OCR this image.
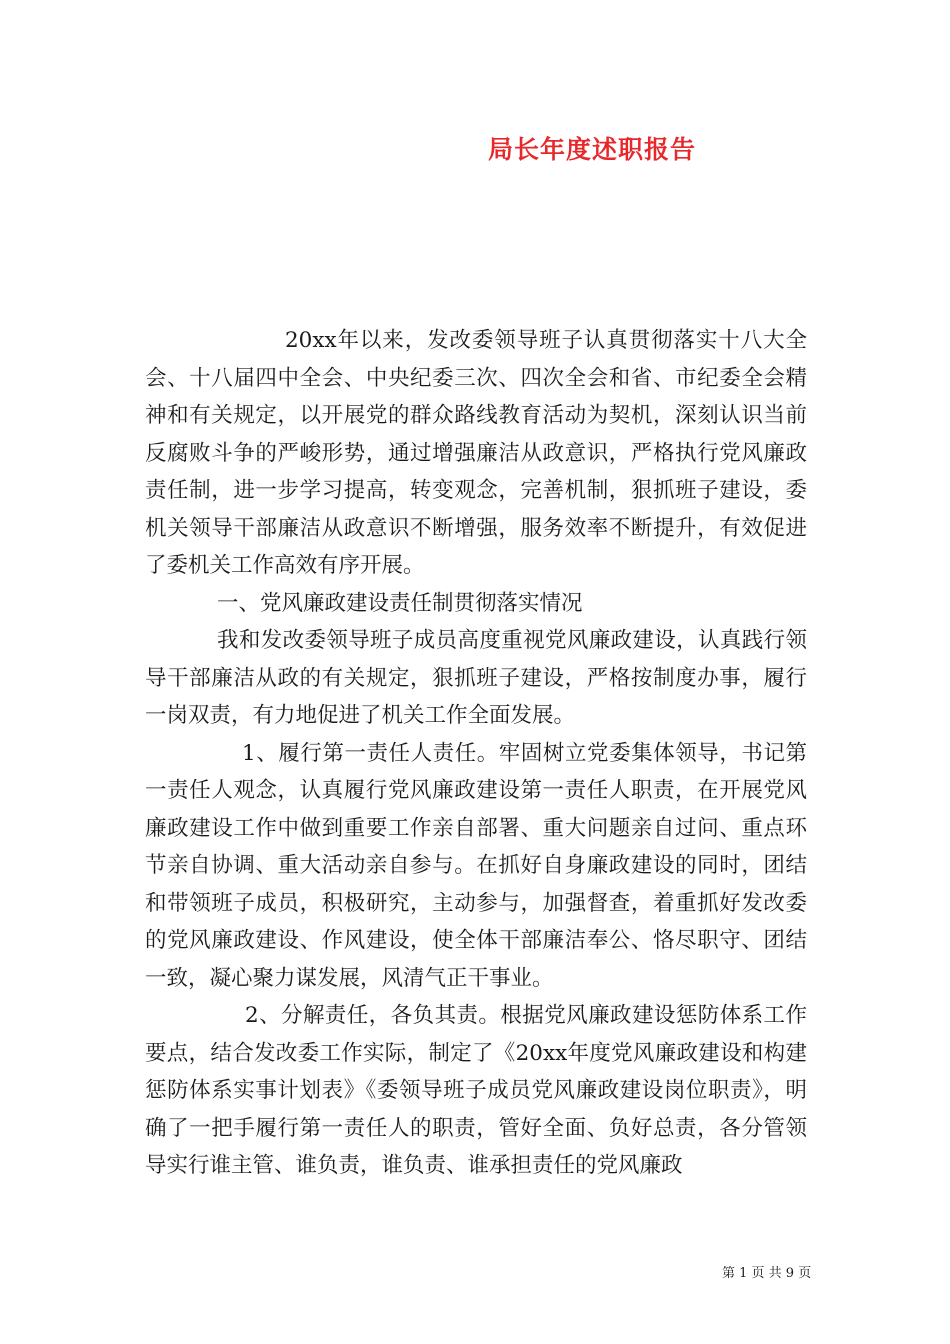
局长年度述职报告

20xx年以来，发改委领导班子认真贯彻落实十八大全会、十八届四中全会、中央纪委三次、四次全会和省、市纪委全会精神和有关规定，以开展党的群众路线教育活动为契机，深刻认识当前反腐败斗争的严峻形势，通过增强廉洁从政意识，严格执行党风廉政责任制，进一步学习提高，转变观念，完善机制，狠抓班子建设，委机关领导干部廉洁从政意识不断增强，服务效率不断提升，有效促进了委机关工作高效有序开展。

一、党风廉政建设责任制贯彻落实情况

我和发改委领导班子成员高度重视党风廉政建设，认真践行领导干部廉洁从政的有关规定，狠抓班子建设，严格按制度办事，履行一岗双责，有力地促进了机关工作全面发展。

1、履行第一责任人责任。牢固树立党委集体领导，书记第一责任人观念，认真履行党风廉政建设第一责任人职责，在开展党风廉政建设工作中做到重要工作亲自部署、重大问题亲自过问、重点环节亲自协调、重大活动亲自参与。在抓好自身廉政建设的同时，团结和带领班子成员，积极研究，主动参与，加强督查，着重抓好发改委的党风廉政建设、作风建设，使全体干部廉洁奉公、恪尽职守、团结一致，凝心聚力谋发展，风清气正干事业。

2、分解责任，各负其责。根据党风廉政建设惩防体系工作要点，结合发改委工作实际，制定了《20xx年度党风廉政建设和构建惩防体系实事计划表》《委领导班子成员党风廉政建设岗位职责》，明确了一把手履行第一责任人的职责，管好全面、负好总责，各分管领导实行谁主管、谁负责，谁负责、谁承担责任的党风廉政

第 1 页 共 9 页
